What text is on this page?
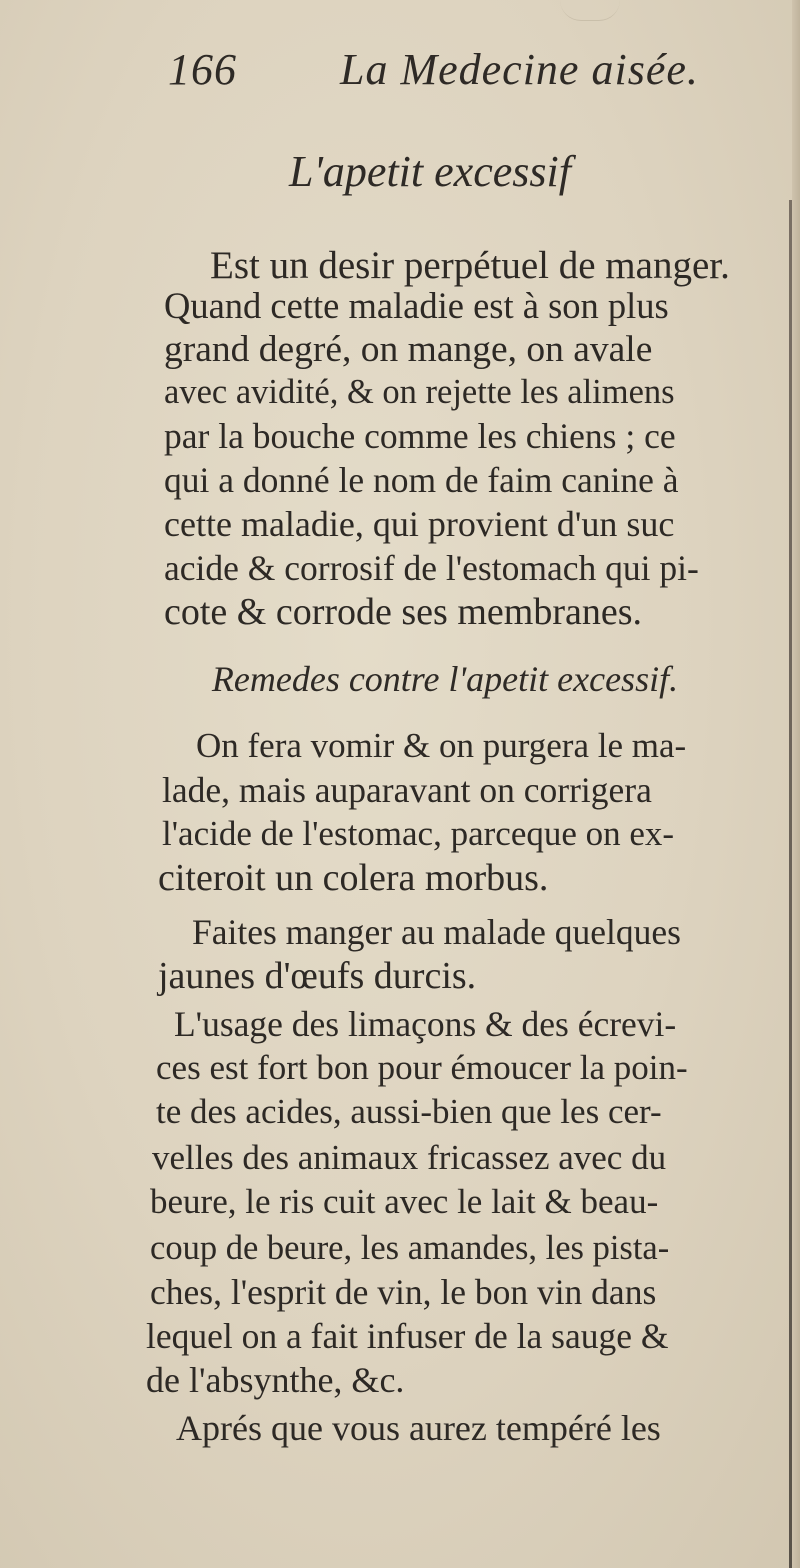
166 La Medecine aisée.
L'apetit excessif
Est un desir perpétuel de manger.
Quand cette maladie est à son plus
grand degré, on mange, on avale
avec avidité, & on rejette les alimens
par la bouche comme les chiens ; ce
qui a donné le nom de faim canine à
cette maladie, qui provient d'un suc
acide & corrosif de l'estomach qui pi-
cote & corrode ses membranes.
Remedes contre l'apetit excessif.
On fera vomir & on purgera le ma-
lade, mais auparavant on corrigera
l'acide de l'estomac, parceque on ex-
citeroit un colera morbus.
Faites manger au malade quelques
jaunes d'œufs durcis.
L'usage des limaçons & des écrevi-
ces est fort bon pour émoucer la poin-
te des acides, aussi-bien que les cer-
velles des animaux fricassez avec du
beure, le ris cuit avec le lait & beau-
coup de beure, les amandes, les pista-
ches, l'esprit de vin, le bon vin dans
lequel on a fait infuser de la sauge &
de l'absynthe, &c.
Aprés que vous aurez tempéré les
